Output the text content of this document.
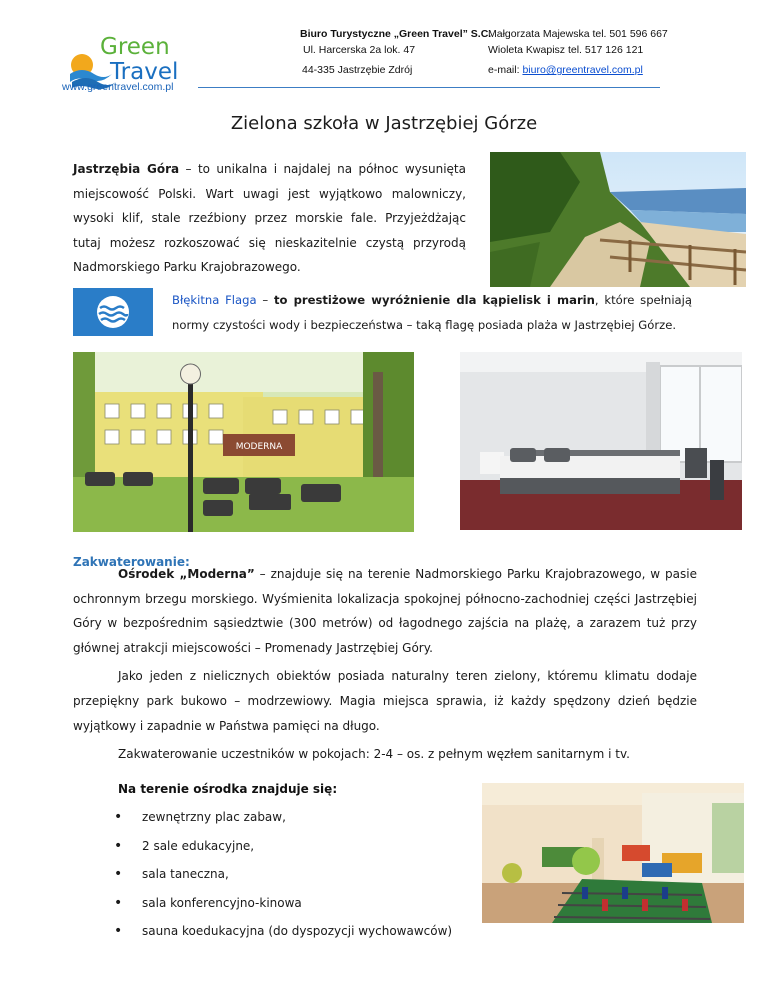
Green
Travel
www.greentravel.com.pl
Biuro Turystyczne „Green Travel” S.C.
Ul. Harcerska 2a lok. 47
44-335 Jastrzębie Zdrój
Małgorzata Majewska tel. 501 596 667
Wioleta Kwapisz tel. 517 126 121
e-mail: biuro@greentravel.com.pl
Zielona szkoła w Jastrzębiej Górze
Jastrzębia Góra – to unikalna i najdalej na północ wysunięta miejscowość Polski. Wart uwagi jest wyjątkowo malowniczy, wysoki klif, stale rzeźbiony przez morskie fale. Przyjeżdżając tutaj możesz rozkoszować się nieskazitelnie czystą przyrodą Nadmorskiego Parku Krajobrazowego.
Błękitna Flaga – to prestiżowe wyróżnienie dla kąpielisk i marin, które spełniają normy czystości wody i bezpieczeństwa – taką flagę posiada plaża w Jastrzębiej Górze.
MODERNA
Zakwaterowanie:
Ośrodek „Moderna” – znajduje się na terenie Nadmorskiego Parku Krajobrazowego, w pasie ochronnym brzegu morskiego. Wyśmienita lokalizacja spokojnej północno-zachodniej części Jastrzębiej Góry w bezpośrednim sąsiedztwie (300 metrów) od łagodnego zajścia na plażę, a zarazem tuż przy głównej atrakcji miejscowości – Promenady Jastrzębiej Góry.
Jako jeden z nielicznych obiektów posiada naturalny teren zielony, któremu klimatu dodaje przepiękny park bukowo – modrzewiowy. Magia miejsca sprawia, iż każdy spędzony dzień będzie wyjątkowy i zapadnie w Państwa pamięci na długo.
Zakwaterowanie uczestników w pokojach: 2-4 – os. z pełnym węzłem sanitarnym i tv.
Na terenie ośrodka znajduje się:
• zewnętrzny plac zabaw,
• 2 sale edukacyjne,
• sala taneczna,
• sala konferencyjno-kinowa
• sauna koedukacyjna (do dyspozycji wychowawców)
